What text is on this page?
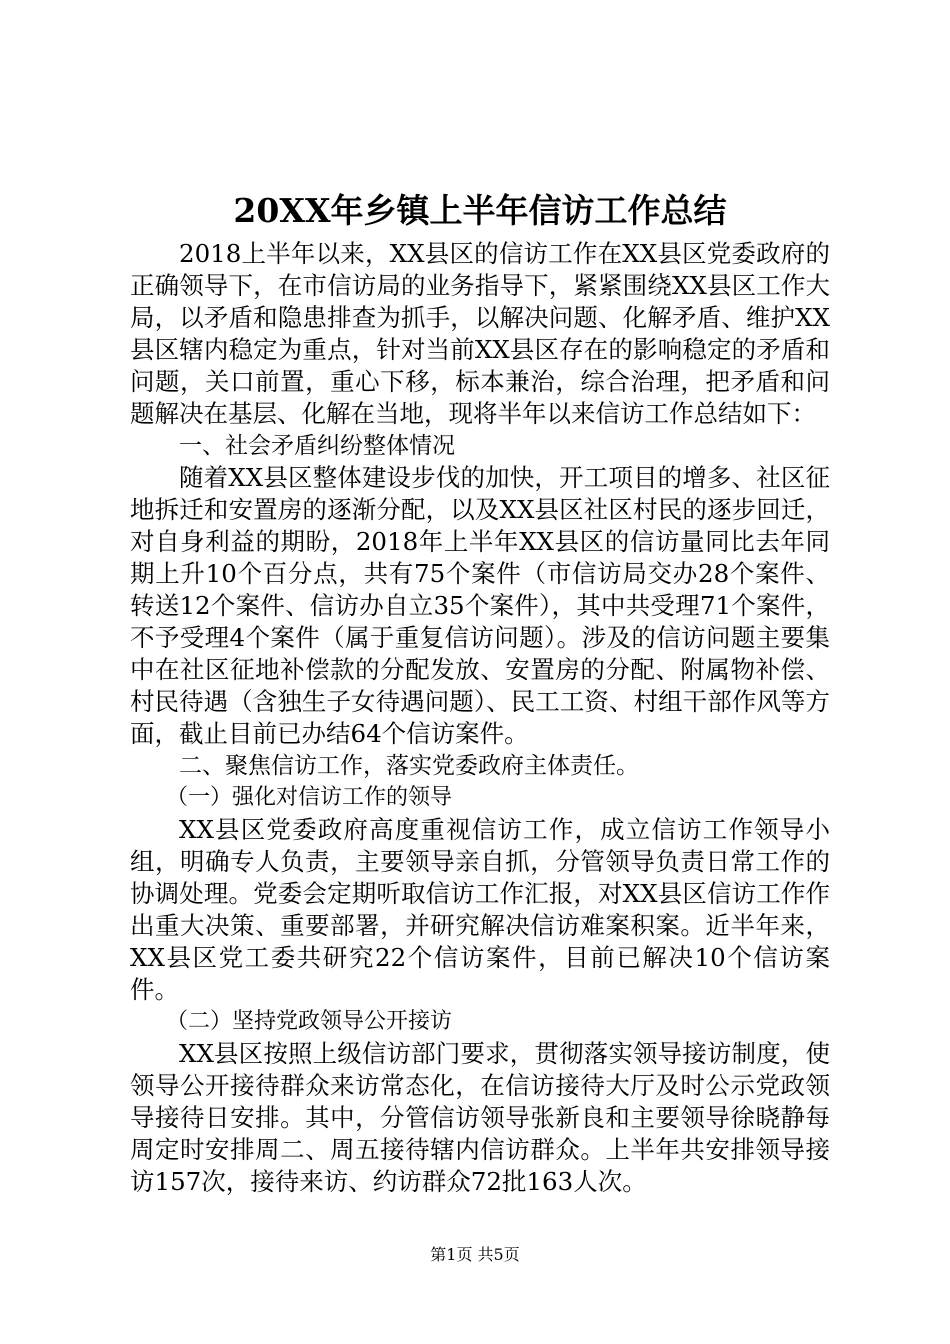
20XX年乡镇上半年信访工作总结

2018上半年以来，XX县区的信访工作在XX县区党委政府的正确领导下，在市信访局的业务指导下，紧紧围绕XX县区工作大局，以矛盾和隐患排查为抓手，以解决问题、化解矛盾、维护XX县区辖内稳定为重点，针对当前XX县区存在的影响稳定的矛盾和问题，关口前置，重心下移，标本兼治，综合治理，把矛盾和问题解决在基层、化解在当地，现将半年以来信访工作总结如下：

一、社会矛盾纠纷整体情况

随着XX县区整体建设步伐的加快，开工项目的增多、社区征地拆迁和安置房的逐渐分配，以及XX县区社区村民的逐步回迁，对自身利益的期盼，2018年上半年XX县区的信访量同比去年同期上升10个百分点，共有75个案件（市信访局交办28个案件、转送12个案件、信访办自立35个案件），其中共受理71个案件，不予受理4个案件（属于重复信访问题）。涉及的信访问题主要集中在社区征地补偿款的分配发放、安置房的分配、附属物补偿、村民待遇（含独生子女待遇问题）、民工工资、村组干部作风等方面，截止目前已办结64个信访案件。

二、聚焦信访工作，落实党委政府主体责任。

（一）强化对信访工作的领导

XX县区党委政府高度重视信访工作，成立信访工作领导小组，明确专人负责，主要领导亲自抓，分管领导负责日常工作的协调处理。党委会定期听取信访工作汇报，对XX县区信访工作作出重大决策、重要部署，并研究解决信访难案积案。近半年来，XX县区党工委共研究22个信访案件，目前已解决10个信访案件。

（二）坚持党政领导公开接访

XX县区按照上级信访部门要求，贯彻落实领导接访制度，使领导公开接待群众来访常态化，在信访接待大厅及时公示党政领导接待日安排。其中，分管信访领导张新良和主要领导徐晓静每周定时安排周二、周五接待辖内信访群众。上半年共安排领导接访157次，接待来访、约访群众72批163人次。

第1页 共5页
